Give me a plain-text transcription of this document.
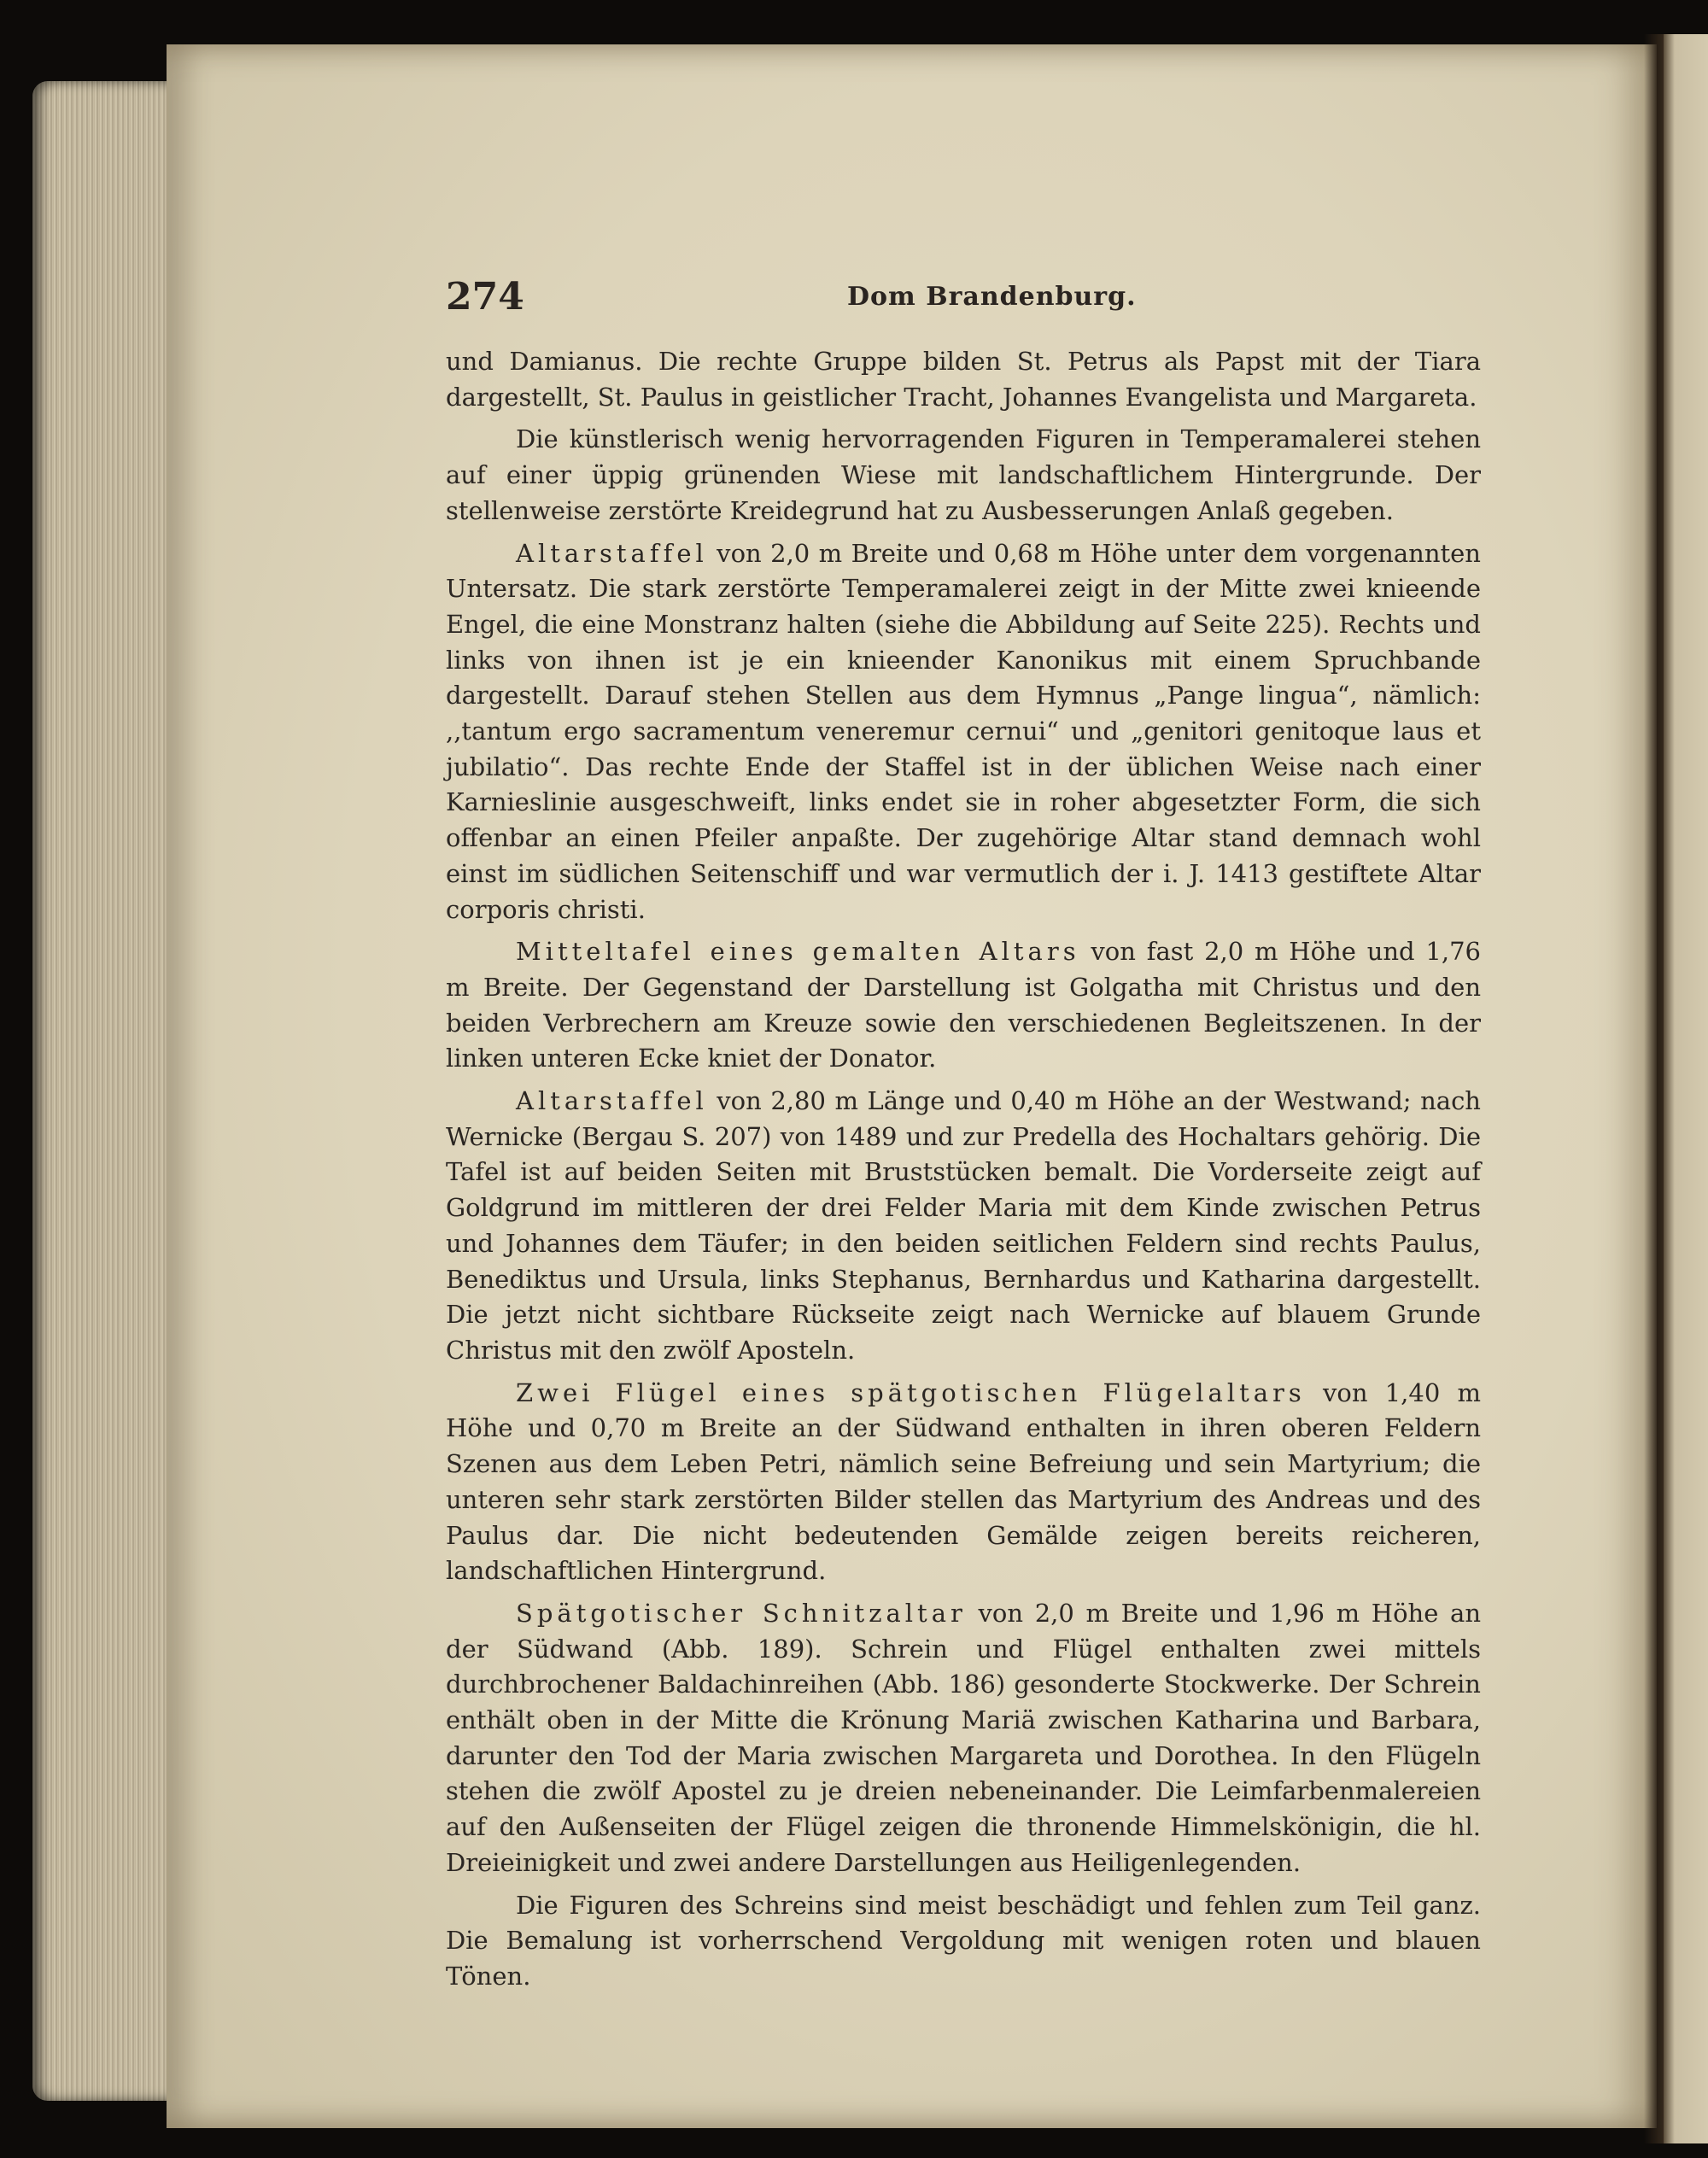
274	Dom Brandenburg.

und Damianus. Die rechte Gruppe bilden St. Petrus als Papst mit der Tiara dargestellt, St. Paulus in geistlicher Tracht, Johannes Evangelista und Margareta.

Die künstlerisch wenig hervorragenden Figuren in Temperamalerei stehen auf einer üppig grünenden Wiese mit landschaftlichem Hintergrunde. Der stellenweise zerstörte Kreidegrund hat zu Ausbesserungen Anlaß gegeben.

Altarstaffel von 2,0 m Breite und 0,68 m Höhe unter dem vorgenannten Untersatz. Die stark zerstörte Temperamalerei zeigt in der Mitte zwei knieende Engel, die eine Monstranz halten (siehe die Abbildung auf Seite 225). Rechts und links von ihnen ist je ein knieender Kanonikus mit einem Spruchbande dargestellt. Darauf stehen Stellen aus dem Hymnus „Pange lingua“, nämlich: ,,tantum ergo sacramentum veneremur cernui“ und „genitori genitoque laus et jubilatio“. Das rechte Ende der Staffel ist in der üblichen Weise nach einer Karnieslinie ausgeschweift, links endet sie in roher abgesetzter Form, die sich offenbar an einen Pfeiler anpaßte. Der zugehörige Altar stand demnach wohl einst im südlichen Seitenschiff und war vermutlich der i. J. 1413 gestiftete Altar corporis christi.

Mitteltafel eines gemalten Altars von fast 2,0 m Höhe und 1,76 m Breite. Der Gegenstand der Darstellung ist Golgatha mit Christus und den beiden Verbrechern am Kreuze sowie den verschiedenen Begleitszenen. In der linken unteren Ecke kniet der Donator.

Altarstaffel von 2,80 m Länge und 0,40 m Höhe an der Westwand; nach Wernicke (Bergau S. 207) von 1489 und zur Predella des Hochaltars gehörig. Die Tafel ist auf beiden Seiten mit Bruststücken bemalt. Die Vorderseite zeigt auf Goldgrund im mittleren der drei Felder Maria mit dem Kinde zwischen Petrus und Johannes dem Täufer; in den beiden seitlichen Feldern sind rechts Paulus, Benediktus und Ursula, links Stephanus, Bernhardus und Katharina dargestellt. Die jetzt nicht sichtbare Rückseite zeigt nach Wernicke auf blauem Grunde Christus mit den zwölf Aposteln.

Zwei Flügel eines spätgotischen Flügelaltars von 1,40 m Höhe und 0,70 m Breite an der Südwand enthalten in ihren oberen Feldern Szenen aus dem Leben Petri, nämlich seine Befreiung und sein Martyrium; die unteren sehr stark zerstörten Bilder stellen das Martyrium des Andreas und des Paulus dar. Die nicht bedeutenden Gemälde zeigen bereits reicheren, landschaftlichen Hintergrund.

Spätgotischer Schnitzaltar von 2,0 m Breite und 1,96 m Höhe an der Südwand (Abb. 189). Schrein und Flügel enthalten zwei mittels durchbrochener Baldachinreihen (Abb. 186) gesonderte Stockwerke. Der Schrein enthält oben in der Mitte die Krönung Mariä zwischen Katharina und Barbara, darunter den Tod der Maria zwischen Margareta und Dorothea. In den Flügeln stehen die zwölf Apostel zu je dreien nebeneinander. Die Leimfarbenmalereien auf den Außenseiten der Flügel zeigen die thronende Himmelskönigin, die hl. Dreieinigkeit und zwei andere Darstellungen aus Heiligenlegenden.

Die Figuren des Schreins sind meist beschädigt und fehlen zum Teil ganz. Die Bemalung ist vorherrschend Vergoldung mit wenigen roten und blauen Tönen.
